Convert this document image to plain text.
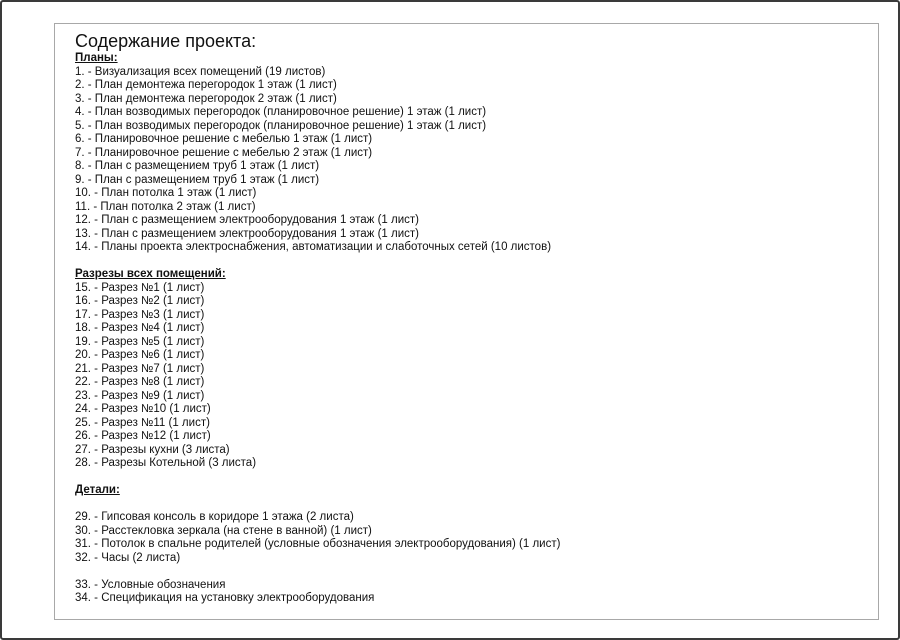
Содержание проекта:
Планы:
1. - Визуализация всех помещений (19 листов)
2. - План демонтежа перегородок 1 этаж (1 лист)
3. - План демонтежа перегородок 2 этаж (1 лист)
4. - План возводимых перегородок (планировочное решение) 1 этаж (1 лист)
5. - План возводимых перегородок (планировочное решение) 1 этаж (1 лист)
6. - Планировочное решение с мебелью 1 этаж (1 лист)
7. - Планировочное решение с мебелью 2 этаж (1 лист)
8. - План с размещением труб 1 этаж (1 лист)
9. - План с размещением труб 1 этаж (1 лист)
10. - План потолка 1 этаж (1 лист)
11. - План потолка 2 этаж (1 лист)
12. - План с размещением электрооборудования 1 этаж (1 лист)
13. - План с размещением электрооборудования 1 этаж (1 лист)
14. - Планы проекта электроснабжения, автоматизации и слаботочных сетей (10 листов)
Разрезы всех помещений:
15. - Разрез №1 (1 лист)
16. - Разрез №2 (1 лист)
17. - Разрез №3 (1 лист)
18. - Разрез №4 (1 лист)
19. - Разрез №5 (1 лист)
20. - Разрез №6 (1 лист)
21. - Разрез №7 (1 лист)
22. - Разрез №8 (1 лист)
23. - Разрез №9 (1 лист)
24. - Разрез №10 (1 лист)
25. - Разрез №11 (1 лист)
26. - Разрез №12 (1 лист)
27. - Разрезы кухни (3 листа)
28. - Разрезы Котельной (3 листа)
Детали:
29. - Гипсовая консоль в коридоре 1 этажа (2 листа)
30. - Расстекловка зеркала (на стене в ванной) (1 лист)
31. - Потолок в спальне родителей (условные обозначения электрооборудования) (1 лист)
32. - Часы (2 листа)
33. - Условные обозначения
34. - Спецификация на установку электрооборудования
